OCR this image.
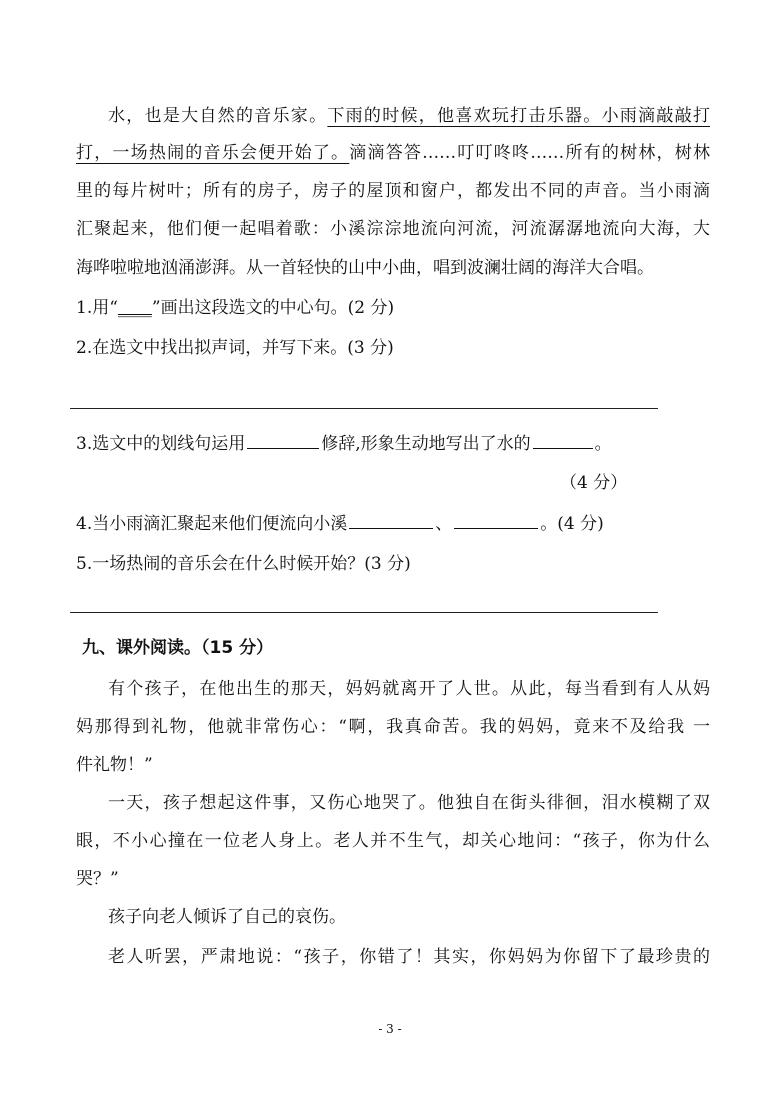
水，也是大自然的音乐家。下雨的时候，他喜欢玩打击乐器。小雨滴敲敲打
打，一场热闹的音乐会便开始了。滴滴答答……叮叮咚咚……所有的树林，树林
里的每片树叶；所有的房子，房子的屋顶和窗户，都发出不同的声音。当小雨滴
汇聚起来，他们便一起唱着歌：小溪淙淙地流向河流，河流潺潺地流向大海，大
海哗啦啦地汹涌澎湃。从一首轻快的山中小曲，唱到波澜壮阔的海洋大合唱。
1.用“____”画出这段选文的中心句。(2 分)
2.在选文中找出拟声词，并写下来。(3 分)
3.选文中的划线句运用	修辞,形象生动地写出了水的	。
（4 分）
4.当小雨滴汇聚起来他们便流向小溪	、	。(4 分)
5.一场热闹的音乐会在什么时候开始？(3 分)
九、课外阅读。（15 分）
有个孩子，在他出生的那天，妈妈就离开了人世。从此，每当看到有人从妈
妈那得到礼物，他就非常伤心：“啊，我真命苦。我的妈妈，竟来不及给我 一
件礼物！”
一天，孩子想起这件事，又伤心地哭了。他独自在街头徘徊，泪水模糊了双
眼，不小心撞在一位老人身上。老人并不生气，却关心地问：“孩子，你为什么
哭？”
孩子向老人倾诉了自己的哀伤。
老人听罢，严肃地说：“孩子，你错了！其实，你妈妈为你留下了最珍贵的
- 3 -
